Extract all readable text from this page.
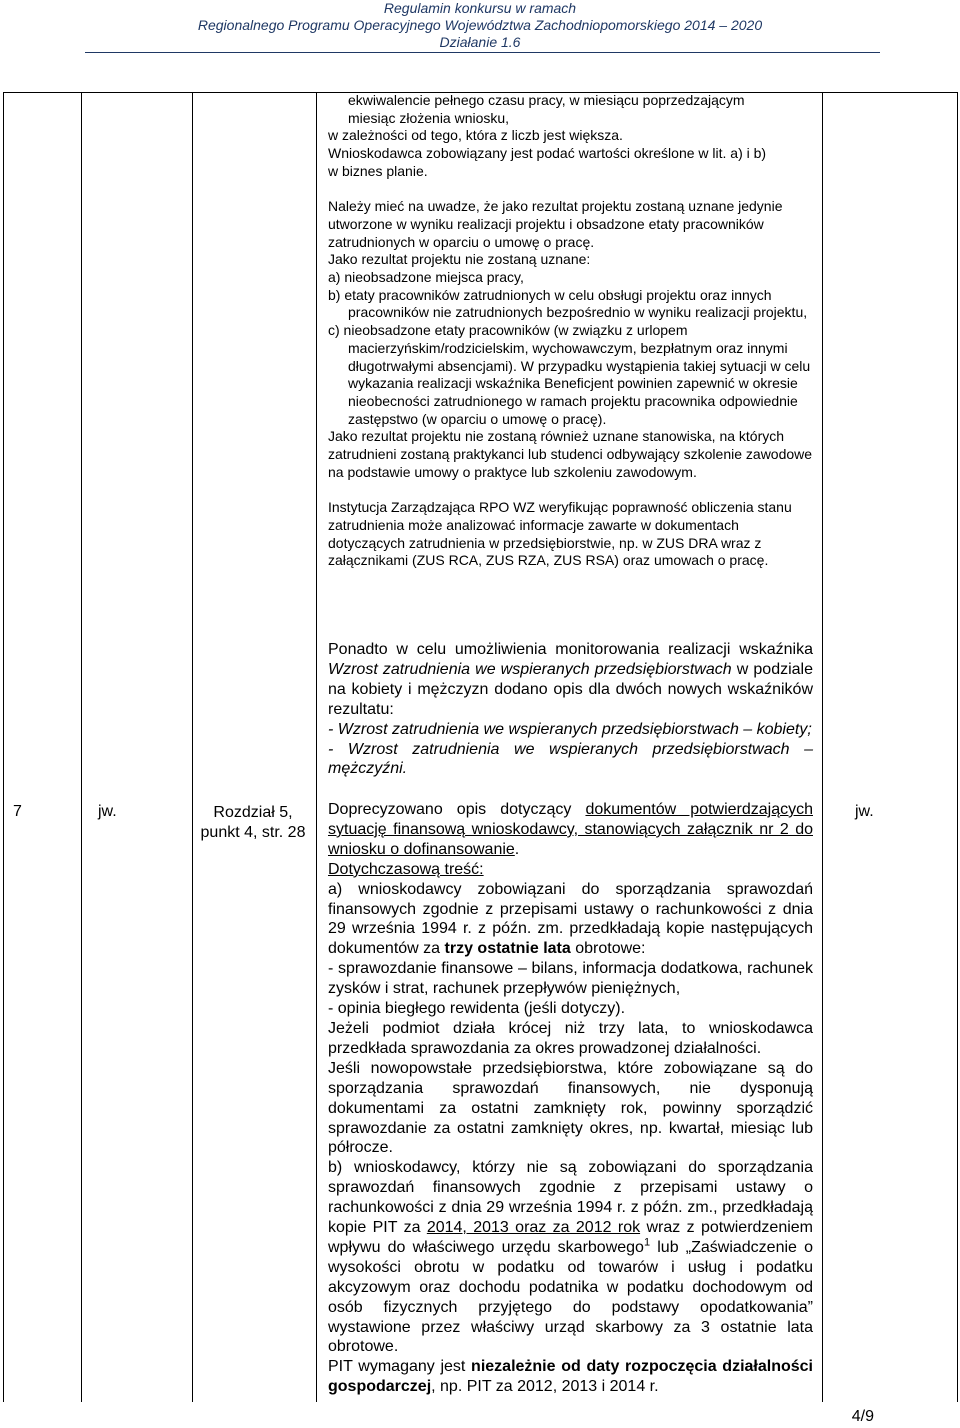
Regulamin konkursu w ramach
Regionalnego Programu Operacyjnego Województwa Zachodniopomorskiego 2014 – 2020
Działanie 1.6
7	jw.	Rozdział 5, punkt 4, str. 28
jw.

ekwiwalencie pełnego czasu pracy, w miesiącu poprzedzającym

miesiąc złożenia wniosku,

w zależności od tego, która z liczb jest większa.

Wnioskodawca zobowiązany jest podać wartości określone w lit. a) i b)

w biznes planie.

Należy mieć na uwadze, że jako rezultat projektu zostaną uznane jedynie utworzone w wyniku realizacji projektu i obsadzone etaty pracowników zatrudnionych w oparciu o umowę o pracę.

Jako rezultat projektu nie zostaną uznane:

a) nieobsadzone miejsca pracy,

b) etaty pracowników zatrudnionych w celu obsługi projektu oraz innych pracowników nie zatrudnionych bezpośrednio w wyniku realizacji projektu,

c) nieobsadzone etaty pracowników (w związku z urlopem macierzyńskim/rodzicielskim, wychowawczym, bezpłatnym oraz innymi długotrwałymi absencjami). W przypadku wystąpienia takiej sytuacji w celu wykazania realizacji wskaźnika Beneficjent powinien zapewnić w okresie nieobecności zatrudnionego w ramach projektu pracownika odpowiednie zastępstwo (w oparciu o umowę o pracę).

Jako rezultat projektu nie zostaną również uznane stanowiska, na których zatrudnieni zostaną praktykanci lub studenci odbywający szkolenie zawodowe na podstawie umowy o praktyce lub szkoleniu zawodowym.

Instytucja Zarządzająca RPO WZ weryfikując poprawność obliczenia stanu zatrudnienia może analizować informacje zawarte w dokumentach dotyczących zatrudnienia w przedsiębiorstwie, np. w ZUS DRA wraz z załącznikami (ZUS RCA, ZUS RZA, ZUS RSA) oraz umowach o pracę.

Ponadto w celu umożliwienia monitorowania realizacji wskaźnika Wzrost zatrudnienia we wspieranych przedsiębiorstwach w podziale na kobiety i mężczyzn dodano opis dla dwóch nowych wskaźników rezultatu:

- Wzrost zatrudnienia we wspieranych przedsiębiorstwach – kobiety;

- Wzrost zatrudnienia we wspieranych przedsiębiorstwach – mężczyźni.

Doprecyzowano opis dotyczący dokumentów potwierdzających sytuację finansową wnioskodawcy, stanowiących załącznik nr 2 do wniosku o dofinansowanie.

Dotychczasową treść:

a) wnioskodawcy zobowiązani do sporządzania sprawozdań finansowych zgodnie z przepisami ustawy o rachunkowości z dnia 29 września 1994 r. z późn. zm. przedkładają kopie następujących dokumentów za trzy ostatnie lata obrotowe:

- sprawozdanie finansowe – bilans, informacja dodatkowa, rachunek zysków i strat, rachunek przepływów pieniężnych,

- opinia biegłego rewidenta (jeśli dotyczy).

Jeżeli podmiot działa krócej niż trzy lata, to wnioskodawca przedkłada sprawozdania za okres prowadzonej działalności.

Jeśli nowopowstałe przedsiębiorstwa, które zobowiązane są do sporządzania sprawozdań finansowych, nie dysponują dokumentami za ostatni zamknięty rok, powinny sporządzić sprawozdanie za ostatni zamknięty okres, np. kwartał, miesiąc lub półrocze.

b) wnioskodawcy, którzy nie są zobowiązani do sporządzania sprawozdań finansowych zgodnie z przepisami ustawy o rachunkowości z dnia 29 września 1994 r. z późn. zm., przedkładają kopie PIT za 2014, 2013 oraz za 2012 rok wraz z potwierdzeniem wpływu do właściwego urzędu skarbowego$^1$ lub „Zaświadczenie o wysokości obrotu w podatku od towarów i usług i podatku akcyzowym oraz dochodu podatnika w podatku dochodowym od osób fizycznych przyjętego do podstawy opodatkowania” wystawione przez właściwy urząd skarbowy za 3 ostatnie lata obrotowe.

PIT wymagany jest niezależnie od daty rozpoczęcia działalności gospodarczej, np. PIT za 2012, 2013 i 2014 r.

4/9
